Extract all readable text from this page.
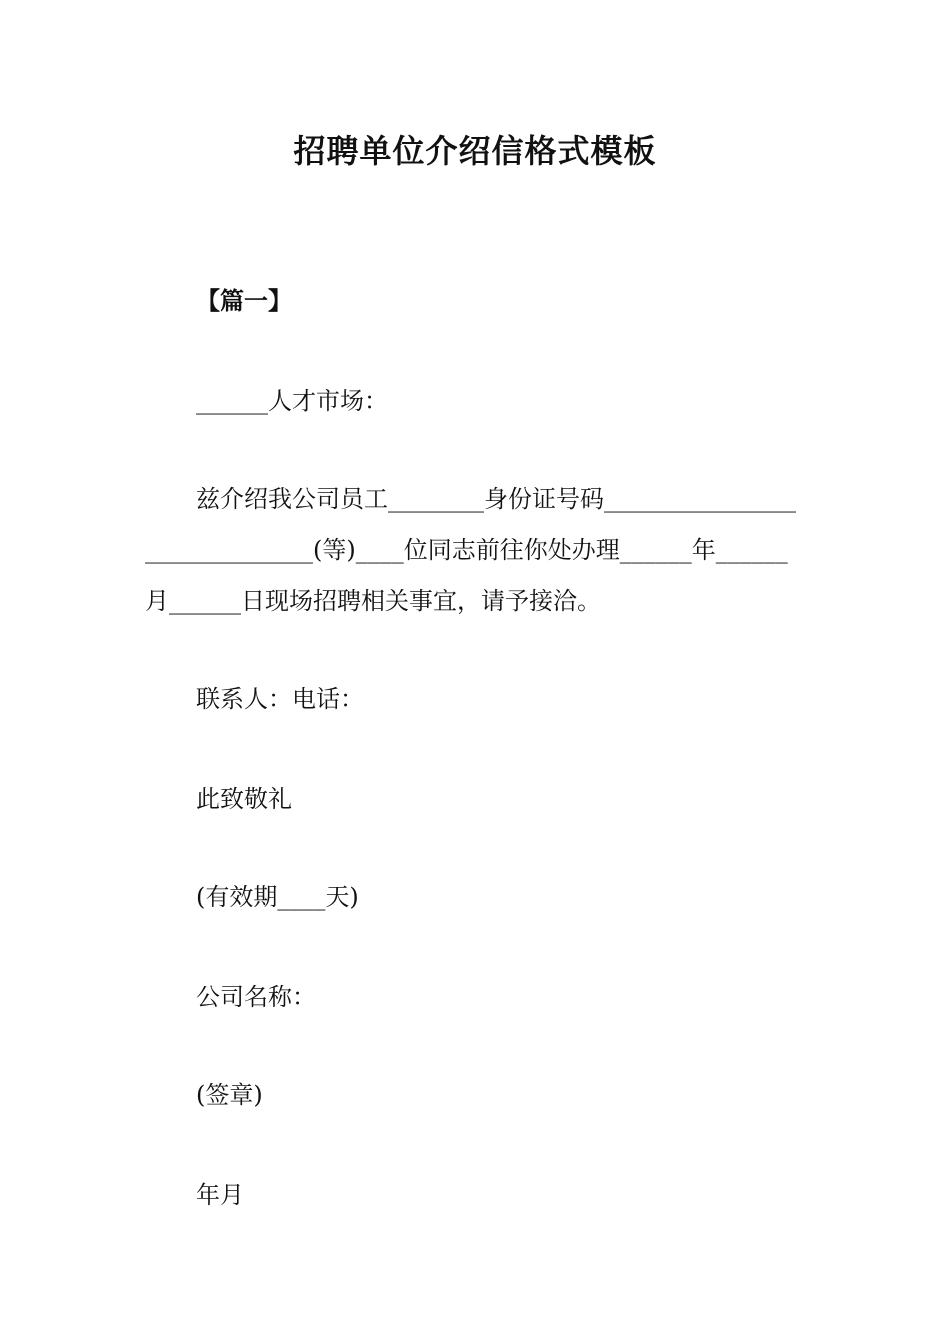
招聘单位介绍信格式模板

【篇一】

______人才市场：

兹介绍我公司员工________身份证号码______________________________(等)____位同志前往你处办理______年______月______日现场招聘相关事宜，请予接洽。

联系人：电话：

此致敬礼

(有效期____天)

公司名称：

(签章)

年月
